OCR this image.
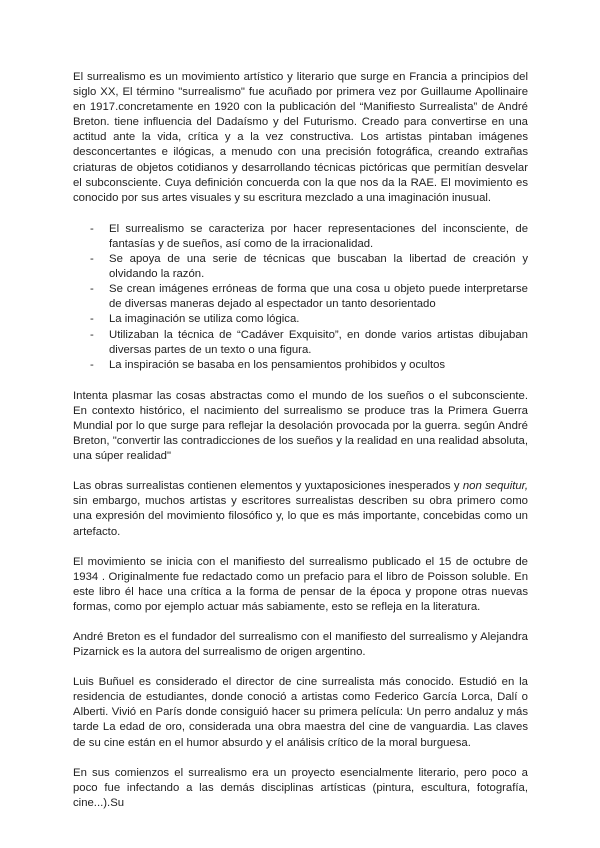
El surrealismo es un movimiento artístico y literario que surge en Francia a principios del siglo XX, El término "surrealismo" fue acuñado por primera vez por Guillaume Apollinaire en 1917.concretamente en 1920 con la publicación del “Manifiesto Surrealista” de André Breton. tiene influencia del Dadaísmo y del Futurismo. Creado para convertirse en una actitud ante la vida, crítica y a la vez constructiva. Los artistas pintaban imágenes desconcertantes e ilógicas, a menudo con una precisión fotográfica, creando extrañas criaturas de objetos cotidianos y desarrollando técnicas pictóricas que permitían desvelar el subconsciente. Cuya definición concuerda con la que nos da la RAE. El movimiento es conocido por sus artes visuales y su escritura mezclado a una imaginación inusual.

- El surrealismo se caracteriza por hacer representaciones del inconsciente, de fantasías y de sueños, así como de la irracionalidad.
- Se apoya de una serie de técnicas que buscaban la libertad de creación y olvidando la razón.
- Se crean imágenes erróneas de forma que una cosa u objeto puede interpretarse de diversas maneras dejado al espectador un tanto desorientado
- La imaginación se utiliza como lógica.
- Utilizaban la técnica de “Cadáver Exquisito”, en donde varios artistas dibujaban diversas partes de un texto o una figura.
- La inspiración se basaba en los pensamientos prohibidos y ocultos

Intenta plasmar las cosas abstractas como el mundo de los sueños o el subconsciente. En contexto histórico, el nacimiento del surrealismo se produce tras la Primera Guerra Mundial por lo que surge para reflejar la desolación provocada por la guerra. según André Breton, "convertir las contradicciones de los sueños y la realidad en una realidad absoluta, una súper realidad"

Las obras surrealistas contienen elementos y yuxtaposiciones inesperados y non sequitur, sin embargo, muchos artistas y escritores surrealistas describen su obra primero como una expresión del movimiento filosófico y, lo que es más importante, concebidas como un artefacto.

El movimiento se inicia con el manifiesto del surrealismo publicado el 15 de octubre de 1934 . Originalmente fue redactado como un prefacio para el libro de Poisson soluble. En este libro él hace una crítica a la forma de pensar de la época y propone otras nuevas formas, como por ejemplo actuar más sabiamente, esto se refleja en la literatura.

André Breton es el fundador del surrealismo con el manifiesto del surrealismo y Alejandra Pizarnick es la autora del surrealismo de origen argentino.

Luis Buñuel es considerado el director de cine surrealista más conocido. Estudió en la residencia de estudiantes, donde conoció a artistas como Federico García Lorca, Dalí o Alberti. Vivió en París donde consiguió hacer su primera película: Un perro andaluz y más tarde La edad de oro, considerada una obra maestra del cine de vanguardia. Las claves de su cine están en el humor absurdo y el análisis crítico de la moral burguesa.

En sus comienzos el surrealismo era un proyecto esencialmente literario, pero poco a poco fue infectando a las demás disciplinas artísticas (pintura, escultura, fotografía, cine...).Su
